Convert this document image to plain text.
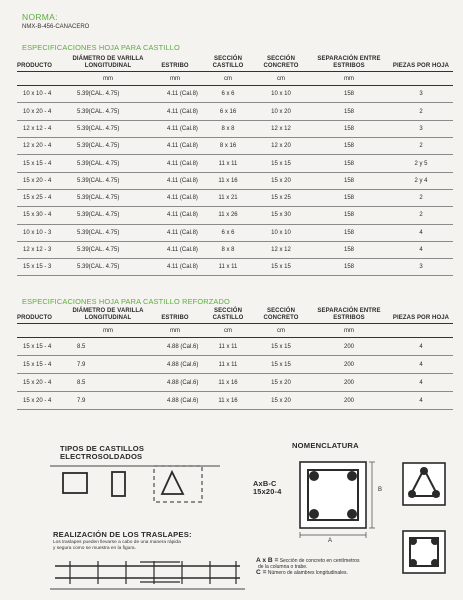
NORMA:
NMX-B-456-CANACERO
ESPECIFICACIONES HOJA PARA CASTILLO
PRODUCTO	DIÁMETRO DE VARILLA LONGITUDINAL	ESTRIBO	SECCIÓN CASTILLO	SECCIÓN CONCRETO	SEPARACIÓN ENTRE ESTRIBOS	PIEZAS POR HOJA
	mm	mm	cm	cm	mm	
10 x 10 - 4	5.39(CAL. 4.75)	4.11 (Cal.8)	6 x 6	10 x 10	158	3
10 x 20 - 4	5.39(CAL. 4.75)	4.11 (Cal.8)	6 x 16	10 x 20	158	2
12 x 12 - 4	5.39(CAL. 4.75)	4.11 (Cal.8)	8 x 8	12 x 12	158	3
12 x 20 - 4	5.39(CAL. 4.75)	4.11 (Cal.8)	8 x 16	12 x 20	158	2
15 x 15 - 4	5.39(CAL. 4.75)	4.11 (Cal.8)	11 x 11	15 x 15	158	2 y 5
15 x 20 - 4	5.39(CAL. 4.75)	4.11 (Cal.8)	11 x 16	15 x 20	158	2 y 4
15 x 25 - 4	5.39(CAL. 4.75)	4.11 (Cal.8)	11 x 21	15 x 25	158	2
15 x 30 - 4	5.39(CAL. 4.75)	4.11 (Cal.8)	11 x 26	15 x 30	158	2
10 x 10 - 3	5.39(CAL. 4.75)	4.11 (Cal.8)	6 x 6	10 x 10	158	4
12 x 12 - 3	5.39(CAL. 4.75)	4.11 (Cal.8)	8 x 8	12 x 12	158	4
15 x 15 - 3	5.39(CAL. 4.75)	4.11 (Cal.8)	11 x 11	15 x 15	158	3
ESPECIFICACIONES HOJA PARA CASTILLO REFORZADO
PRODUCTO	DIÁMETRO DE VARILLA LONGITUDINAL	ESTRIBO	SECCIÓN CASTILLO	SECCIÓN CONCRETO	SEPARACIÓN ENTRE ESTRIBOS	PIEZAS POR HOJA
	mm	mm	cm	cm	mm	
15 x 15 - 4	8.5	4.88 (Cal.6)	11 x 11	15 x 15	200	4
15 x 15 - 4	7.9	4.88 (Cal.6)	11 x 11	15 x 15	200	4
15 x 20 - 4	8.5	4.88 (Cal.6)	11 x 16	15 x 20	200	4
15 x 20 - 4	7.9	4.88 (Cal.6)	11 x 16	15 x 20	200	4
TIPOS DE CASTILLOS
ELECTROSOLDADOS
REALIZACIÓN DE LOS TRASLAPES:
Los traslapes pueden llevarse a cabo de una manera rápida
y segura como se muestra en la figura.
NOMENCLATURA
AxB-C
15x20-4
A
B
A x B = Sección de concreto en centímetros
de la columna o trabe.
C = Número de alambres longitudinales.
